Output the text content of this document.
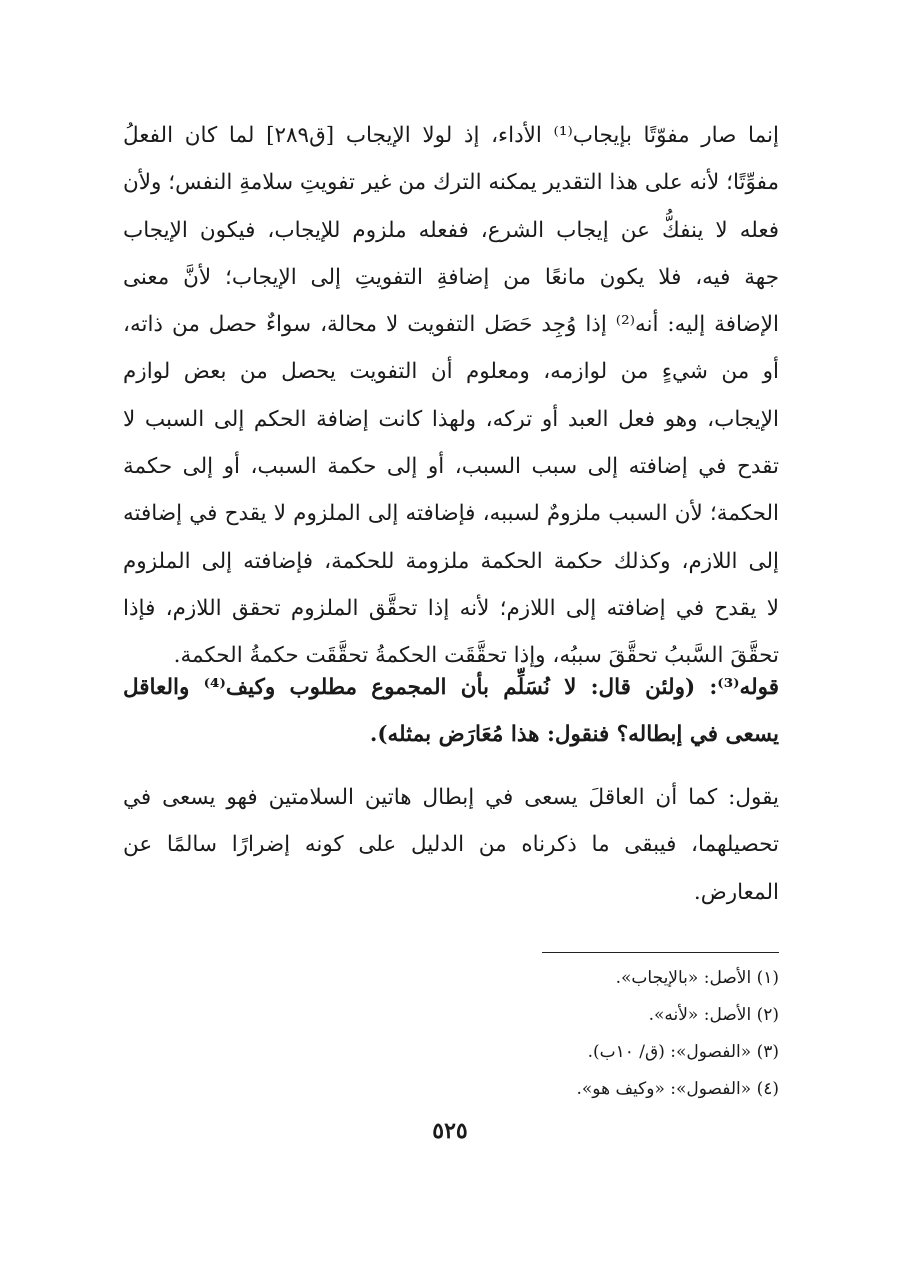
إنما صار مفوّتًا بإيجاب⁽¹⁾ الأداء، إذ لولا الإيجاب [ق٢٨٩] لما كان الفعلُ
مفوِّتًا؛ لأنه على هذا التقدير يمكنه الترك من غير تفويتِ سلامةِ النفس؛ ولأن
فعله لا ينفكُّ عن إيجاب الشرع، ففعله ملزوم للإيجاب، فيكون الإيجاب
جهة فيه، فلا يكون مانعًا من إضافةِ التفويتِ إلى الإيجاب؛ لأنَّ معنى
الإضافة إليه: أنه⁽²⁾ إذا وُجِد حَصَل التفويت لا محالة، سواءٌ حصل من ذاته،
أو من شيءٍ من لوازمه، ومعلوم أن التفويت يحصل من بعض لوازم
الإيجاب، وهو فعل العبد أو تركه، ولهذا كانت إضافة الحكم إلى السبب لا
تقدح في إضافته إلى سبب السبب، أو إلى حكمة السبب، أو إلى حكمة
الحكمة؛ لأن السبب ملزومٌ لسببه، فإضافته إلى الملزوم لا يقدح في إضافته
إلى اللازم، وكذلك حكمة الحكمة ملزومة للحكمة، فإضافته إلى الملزوم
لا يقدح في إضافته إلى اللازم؛ لأنه إذا تحقَّق الملزوم تحقق اللازم، فإذا
تحقَّقَ السَّببُ تحقَّقَ سببُه، وإذا تحقَّقَت الحكمةُ تحقَّقَت حكمةُ الحكمة.
قوله⁽³⁾: (ولئن قال: لا نُسَلِّم بأن المجموع مطلوب وكيف⁽⁴⁾ والعاقل
يسعى في إبطاله؟ فنقول: هذا مُعَارَض بمثله).
يقول: كما أن العاقلَ يسعى في إبطال هاتين السلامتين فهو يسعى في
تحصيلهما، فيبقى ما ذكرناه من الدليل على كونه إضرارًا سالمًا عن
المعارض.
(١) الأصل: «بالإيجاب».
(٢) الأصل: «لأنه».
(٣) «الفصول»: (ق/ ١٠ب).
(٤) «الفصول»: «وكيف هو».
٥٢٥
